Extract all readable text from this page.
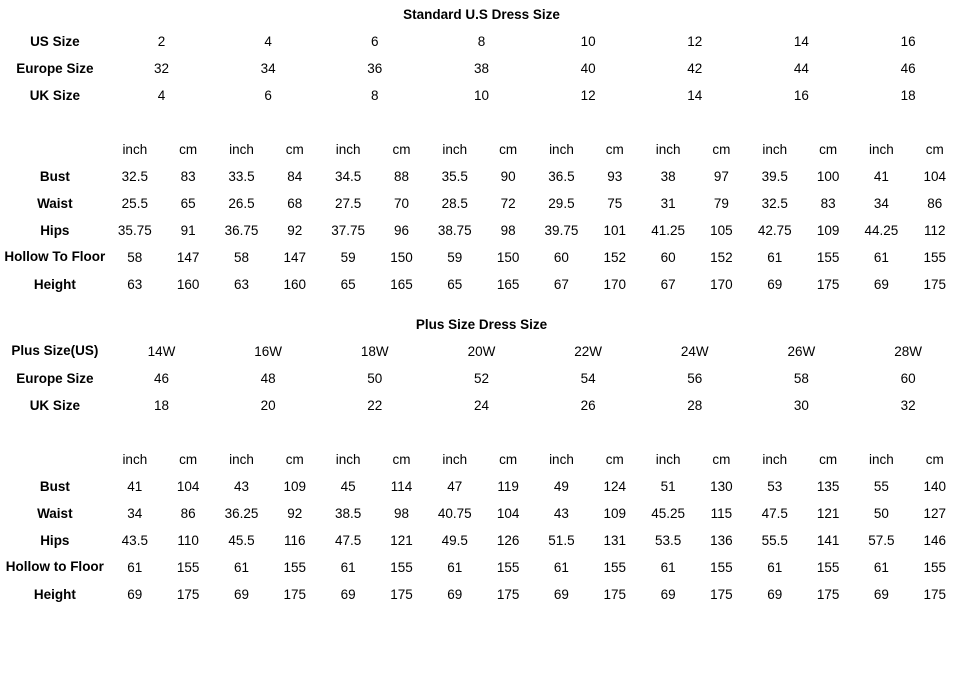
Standard U.S Dress Size																
US Size	2		4		6		8		10		12		14		16	
Europe Size	32		34		36		38		40		42		44		46	
UK Size	4		6		8		10		12		14		16		18	

	inch	cm	inch	cm	inch	cm	inch	cm	inch	cm	inch	cm	inch	cm	inch	cm
Bust	32.5	83	33.5	84	34.5	88	35.5	90	36.5	93	38	97	39.5	100	41	104
Waist	25.5	65	26.5	68	27.5	70	28.5	72	29.5	75	31	79	32.5	83	34	86
Hips	35.75	91	36.75	92	37.75	96	38.75	98	39.75	101	41.25	105	42.75	109	44.25	112
Hollow To Floor	58	147	58	147	59	150	59	150	60	152	60	152	61	155	61	155
Height	63	160	63	160	65	165	65	165	67	170	67	170	69	175	69	175
Plus Size Dress Size																
Plus Size(US)	14W		16W		18W		20W		22W		24W		26W		28W	
Europe Size	46		48		50		52		54		56		58		60	
UK Size	18		20		22		24		26		28		30		32	

	inch	cm	inch	cm	inch	cm	inch	cm	inch	cm	inch	cm	inch	cm	inch	cm
Bust	41	104	43	109	45	114	47	119	49	124	51	130	53	135	55	140
Waist	34	86	36.25	92	38.5	98	40.75	104	43	109	45.25	115	47.5	121	50	127
Hips	43.5	110	45.5	116	47.5	121	49.5	126	51.5	131	53.5	136	55.5	141	57.5	146
Hollow to Floor	61	155	61	155	61	155	61	155	61	155	61	155	61	155	61	155
Height	69	175	69	175	69	175	69	175	69	175	69	175	69	175	69	175
